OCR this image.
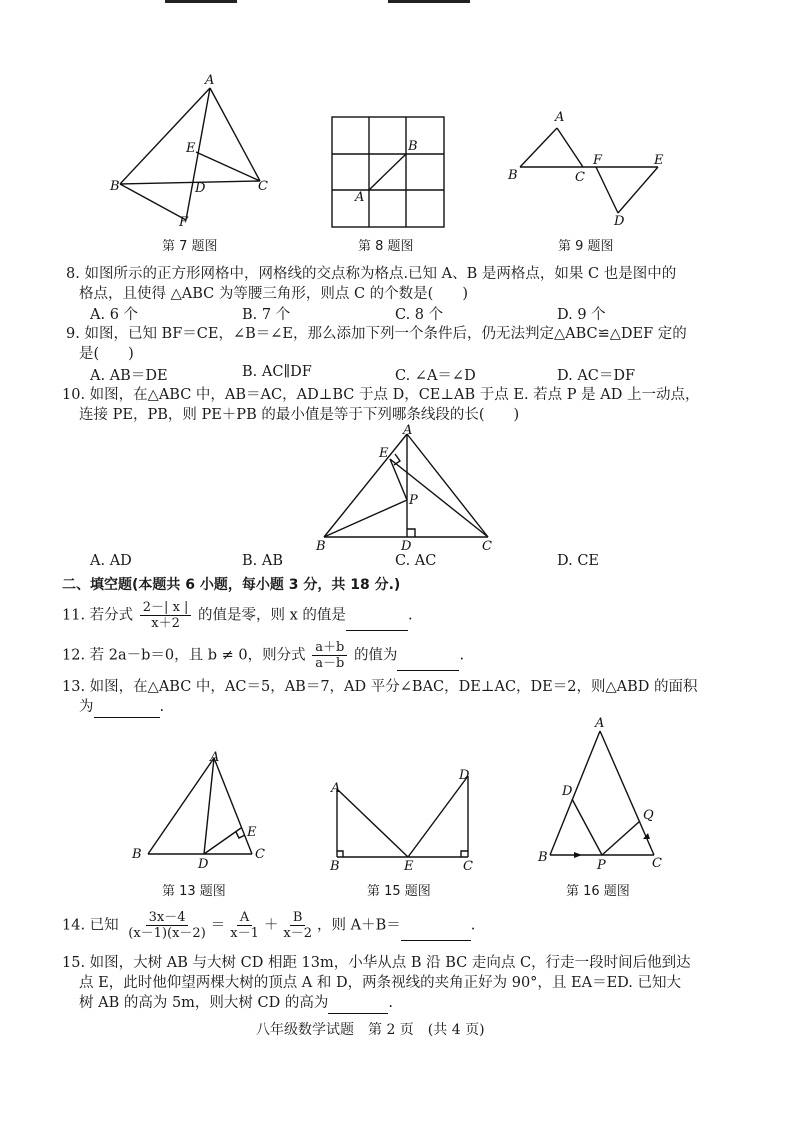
A
B	C
D
E
F
第 7 题图
A
B
第 8 题图
A
B	C
D
E
F
第 9 题图
8. 如图所示的正方形网格中，网格线的交点称为格点.已知 A、B 是两格点，如果 C 也是图中的
格点，且使得 △ABC 为等腰三角形，则点 C 的个数是(　　)
A. 6 个	B. 7 个	C. 8 个	D. 9 个
9. 如图，已知 BF＝CE，∠B＝∠E，那么添加下列一个条件后，仍无法判定△ABC≌△DEF 定的
是(　　)
A. AB＝DE	B. AC∥DF	C. ∠A＝∠D	D. AC＝DF
10. 如图，在△ABC 中，AB＝AC，AD⊥BC 于点 D，CE⊥AB 于点 E. 若点 P 是 AD 上一动点，
连接 PE，PB，则 PE＋PB 的最小值是等于下列哪条线段的长(　　)
A
B	C
D
E
P
A. AD	B. AB	C. AC	D. CE
二、填空题(本题共 6 小题，每小题 3 分，共 18 分.)
11. 若分式 $\frac{2-| x |}{x+2}$ 的值是零，则 x 的值是	.
12. 若 2a－b＝0，且 b ≠ 0，则分式 $\frac{a+b}{a-b}$ 的值为	.
13. 如图，在△ABC 中，AC＝5，AB＝7，AD 平分∠BAC，DE⊥AC，DE＝2，则△ABD 的面积
为	.
A
B	C
D
E
第 13 题图
A
B	C
D
E
第 15 题图
A
B	C
D
P
Q
第 16 题图
14. 已知 $\frac{3x-4}{(x-1)(x-2)} = \frac{A}{x-1} + \frac{B}{x-2}$ ，则 A＋B＝	.
15. 如图，大树 AB 与大树 CD 相距 13m，小华从点 B 沿 BC 走向点 C，行走一段时间后他到达
点 E，此时他仰望两棵大树的顶点 A 和 D，两条视线的夹角正好为 90°，且 EA＝ED. 已知大
树 AB 的高为 5m，则大树 CD 的高为	.
八年级数学试题　第 2 页　(共 4 页)
